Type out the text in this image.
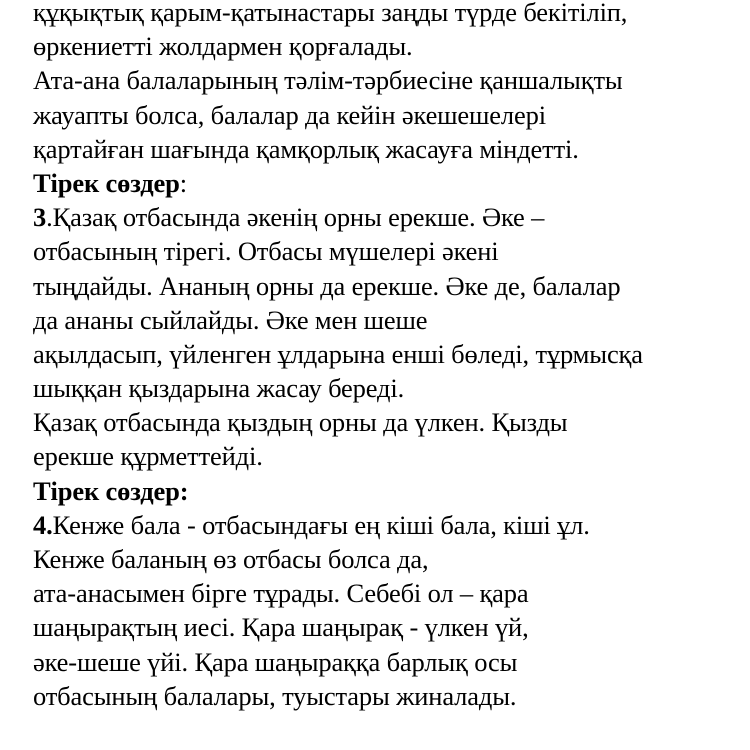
құқықтық қарым-қатынастары заңды түрде бекітіліп,
өркениетті жолдармен қорғалады.
Ата-ана балаларының тәлім-тәрбиесіне қаншалықты
жауапты болса, балалар да кейін әкешешелері
қартайған шағында қамқорлық жасауға міндетті.
Тірек сөздер:
3.Қазақ отбасында әкенің орны ерекше. Әке –
отбасының тірегі. Отбасы мүшелері әкені
тыңдайды. Ананың орны да ерекше. Әке де, балалар
да ананы сыйлайды. Әке мен шеше
ақылдасып, үйленген ұлдарына енші бөледі, тұрмысқа
шыққан қыздарына жасау береді.
Қазақ отбасында қыздың орны да үлкен. Қызды
ерекше құрметтейді.
Тірек сөздер:
4.Кенже бала - отбасындағы ең кіші бала, кіші ұл.
Кенже баланың өз отбасы болса да,
ата-анасымен бірге тұрады. Себебі ол – қара
шаңырақтың иесі. Қара шаңырақ - үлкен үй,
әке-шеше үйі. Қара шаңыраққа барлық осы
отбасының балалары, туыстары жиналады.
